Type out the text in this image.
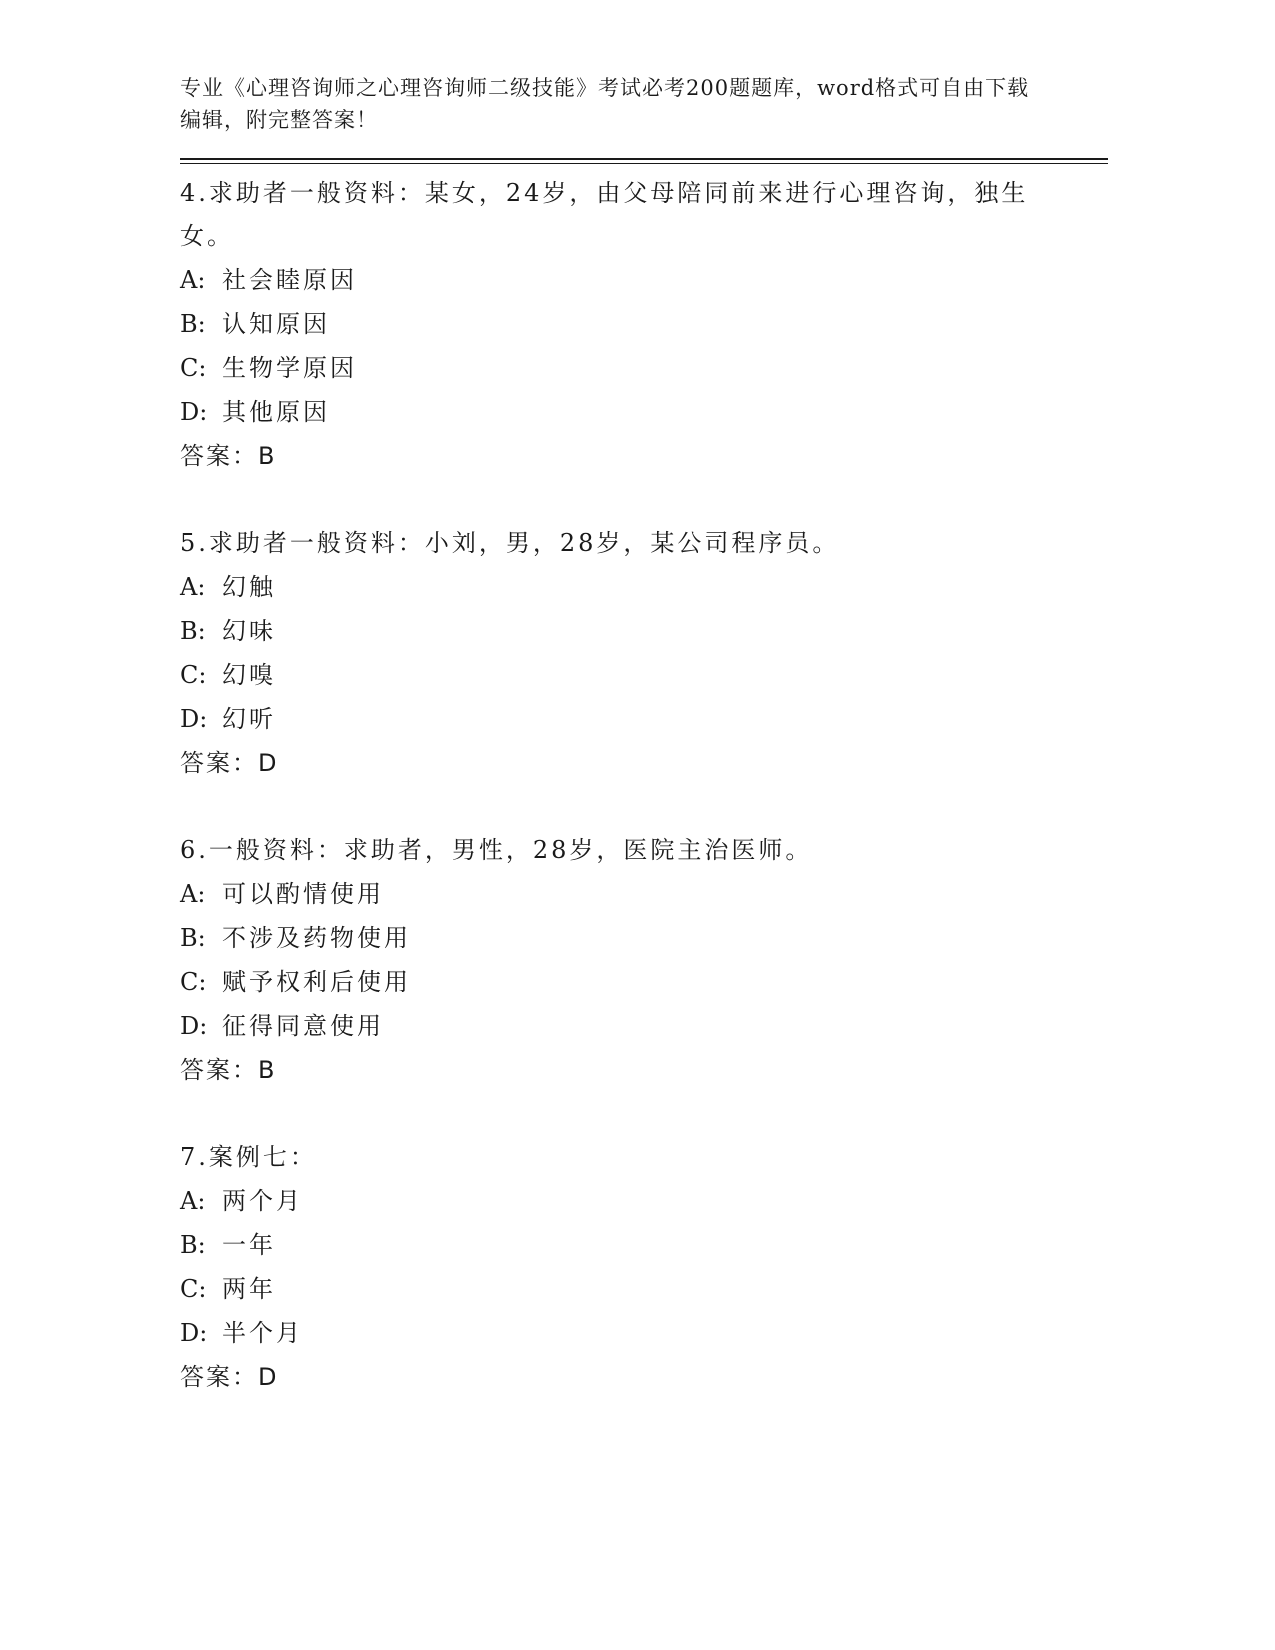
专业《心理咨询师之心理咨询师二级技能》考试必考200题题库，word格式可自由下载编辑，附完整答案！

4.求助者一般资料：某女，24岁，由父母陪同前来进行心理咨询，独生女。

A: 社会睦原因

B: 认知原因

C: 生物学原因

D: 其他原因

答案：B

5.求助者一般资料：小刘，男，28岁，某公司程序员。

A: 幻触

B: 幻味

C: 幻嗅

D: 幻听

答案：D

6.一般资料：求助者，男性，28岁，医院主治医师。

A: 可以酌情使用

B: 不涉及药物使用

C: 赋予权利后使用

D: 征得同意使用

答案：B

7.案例七：

A: 两个月

B: 一年

C: 两年

D: 半个月

答案：D
